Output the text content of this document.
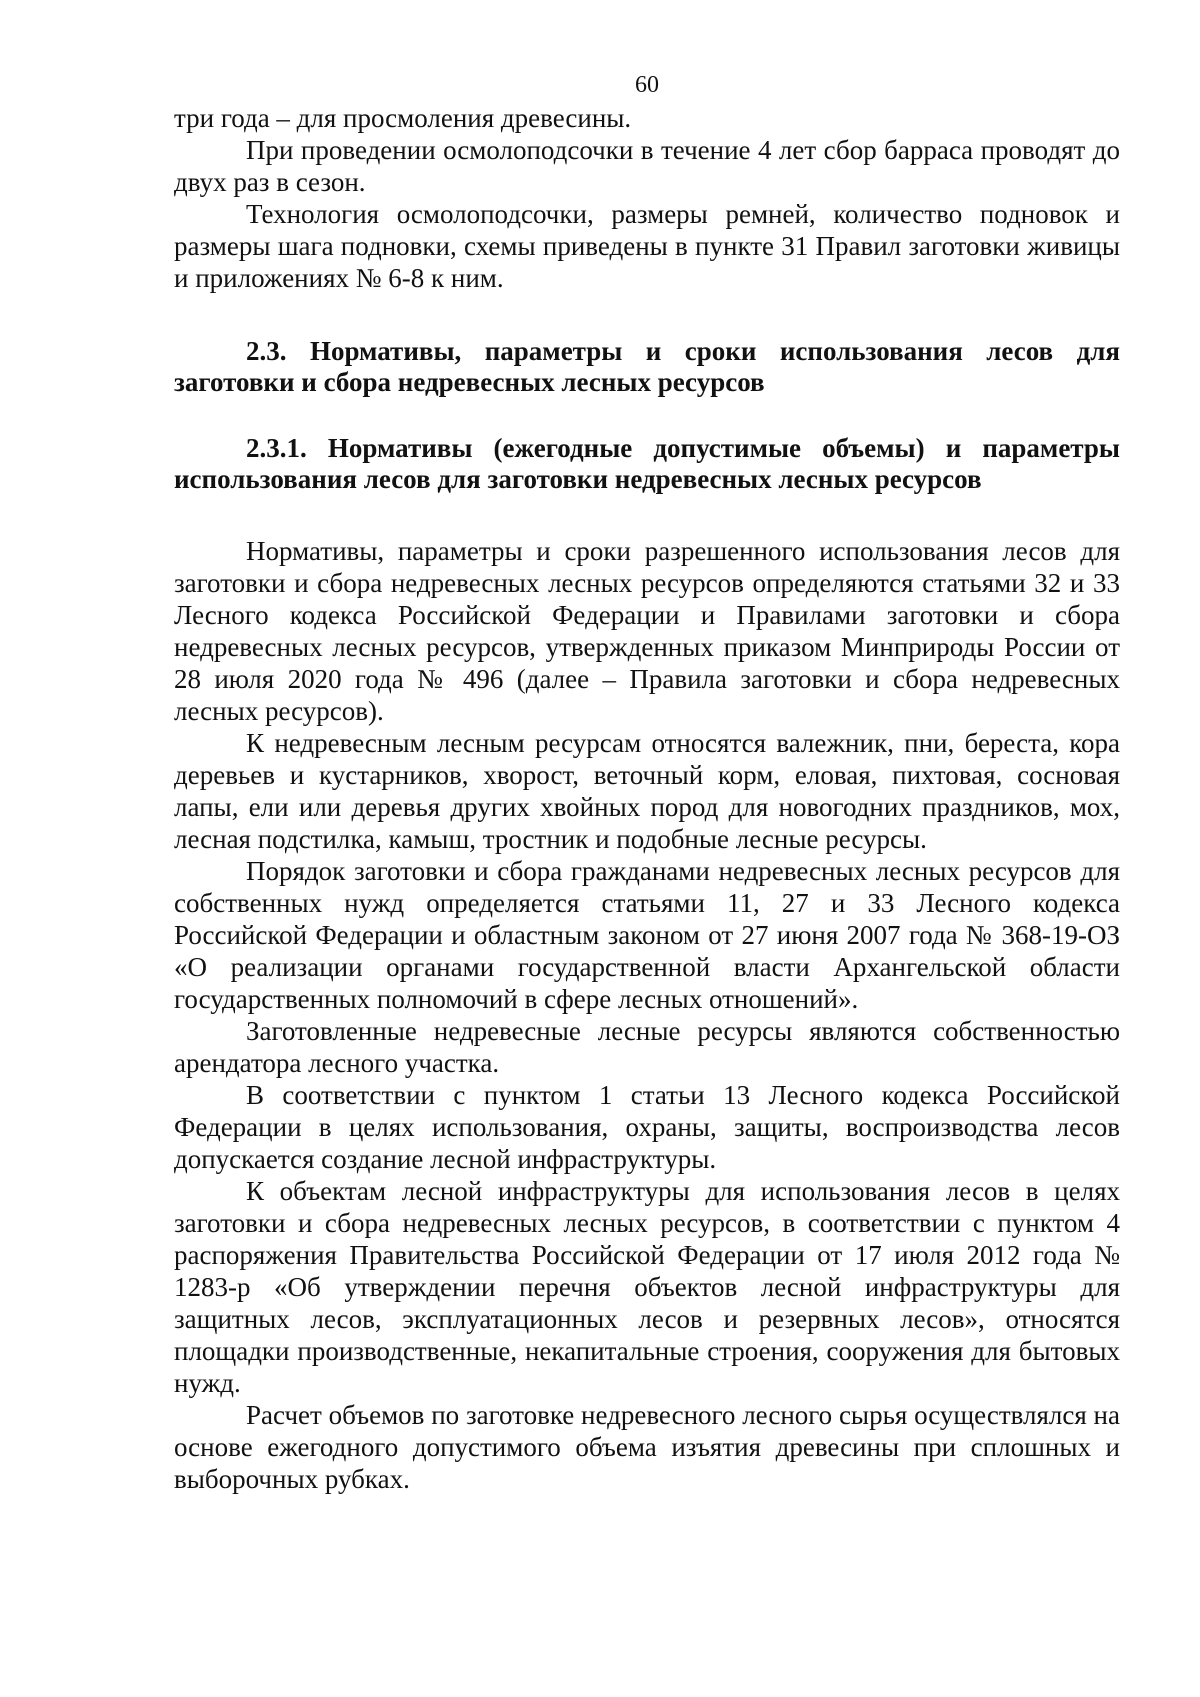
60

три года – для просмоления древесины.

При проведении осмолоподсочки в течение 4 лет сбор барраса проводят до двух раз в сезон.

Технология осмолоподсочки, размеры ремней, количество подновок и размеры шага подновки, схемы приведены в пункте 31 Правил заготовки живицы и приложениях № 6-8 к ним.

2.3. Нормативы, параметры и сроки использования лесов для заготовки и сбора недревесных лесных ресурсов

2.3.1. Нормативы (ежегодные допустимые объемы) и параметры использования лесов для заготовки недревесных лесных ресурсов

Нормативы, параметры и сроки разрешенного использования лесов для заготовки и сбора недревесных лесных ресурсов определяются статьями 32 и 33 Лесного кодекса Российской Федерации и Правилами заготовки и сбора недревесных лесных ресурсов, утвержденных приказом Минприроды России от 28 июля 2020 года № 496 (далее – Правила заготовки и сбора недревесных лесных ресурсов).

К недревесным лесным ресурсам относятся валежник, пни, береста, кора деревьев и кустарников, хворост, веточный корм, еловая, пихтовая, сосновая лапы, ели или деревья других хвойных пород для новогодних праздников, мох, лесная подстилка, камыш, тростник и подобные лесные ресурсы.

Порядок заготовки и сбора гражданами недревесных лесных ресурсов для собственных нужд определяется статьями 11, 27 и 33 Лесного кодекса Российской Федерации и областным законом от 27 июня 2007 года № 368-19-ОЗ «О реализации органами государственной власти Архангельской области государственных полномочий в сфере лесных отношений».

Заготовленные недревесные лесные ресурсы являются собственностью арендатора лесного участка.

В соответствии с пунктом 1 статьи 13 Лесного кодекса Российской Федерации в целях использования, охраны, защиты, воспроизводства лесов допускается создание лесной инфраструктуры.

К объектам лесной инфраструктуры для использования лесов в целях заготовки и сбора недревесных лесных ресурсов, в соответствии с пунктом 4 распоряжения Правительства Российской Федерации от 17 июля 2012 года № 1283-р «Об утверждении перечня объектов лесной инфраструктуры для защитных лесов, эксплуатационных лесов и резервных лесов», относятся площадки производственные, некапитальные строения, сооружения для бытовых нужд.

Расчет объемов по заготовке недревесного лесного сырья осуществлялся на основе ежегодного допустимого объема изъятия древесины при сплошных и выборочных рубках.
